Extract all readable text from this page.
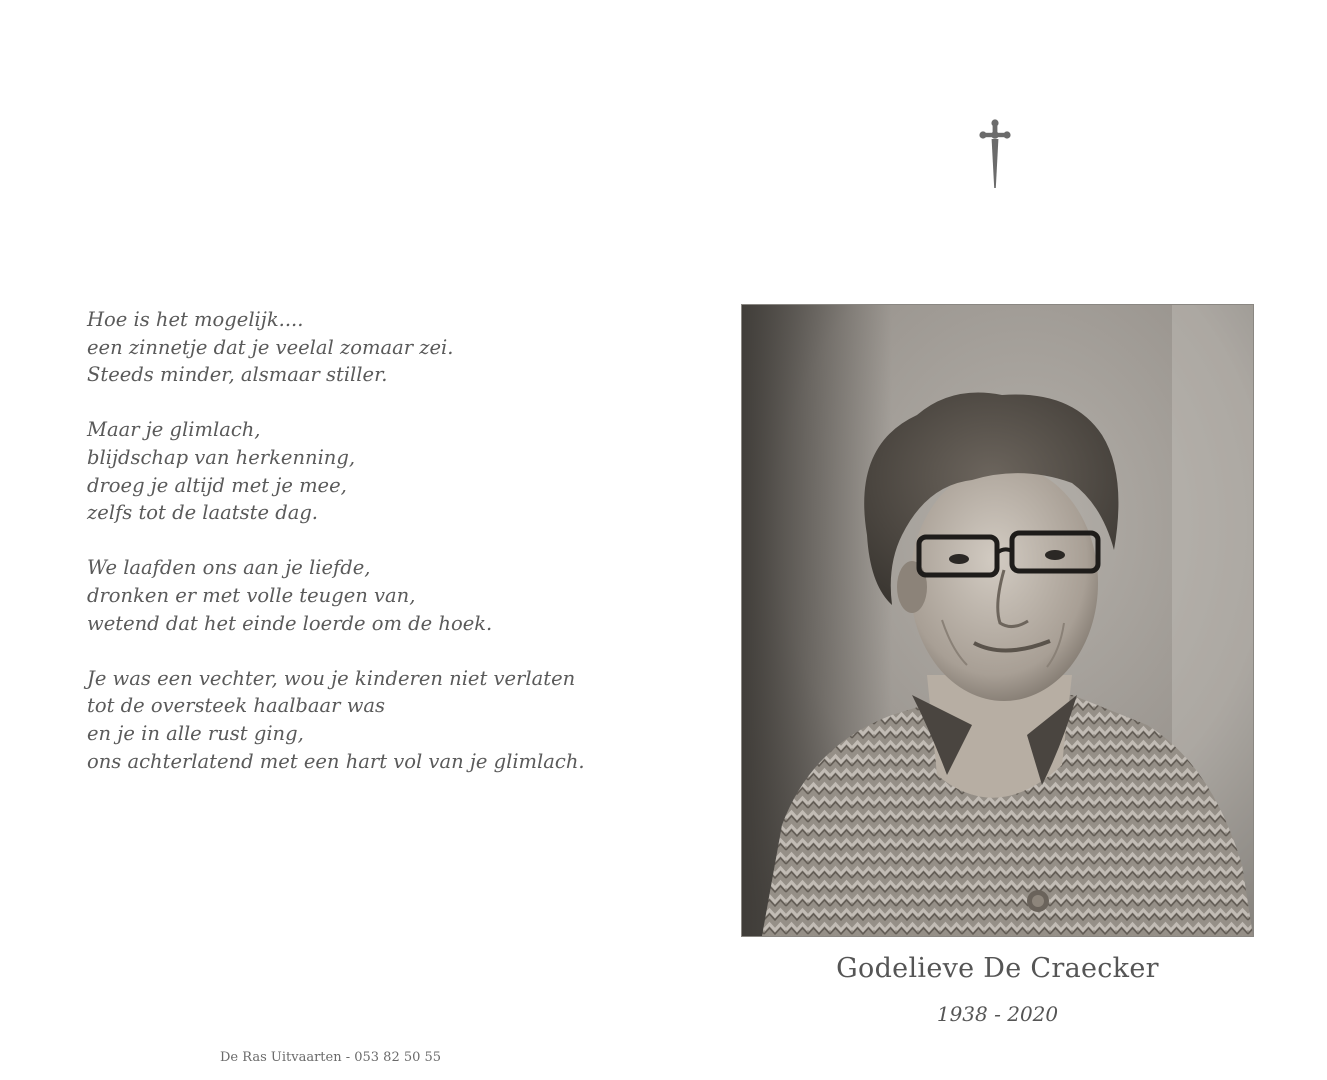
Hoe is het mogelijk....
een zinnetje dat je veelal zomaar zei.
Steeds minder, alsmaar stiller.

Maar je glimlach,
blijdschap van herkenning,
droeg je altijd met je mee,
zelfs tot de laatste dag.

We laafden ons aan je liefde,
dronken er met volle teugen van,
wetend dat het einde loerde om de hoek.

Je was een vechter, wou je kinderen niet verlaten
tot de oversteek haalbaar was
en je in alle rust ging,
ons achterlatend met een hart vol van je glimlach.

De Ras Uitvaarten - 053 82 50 55
Godelieve De Craecker
1938 - 2020
